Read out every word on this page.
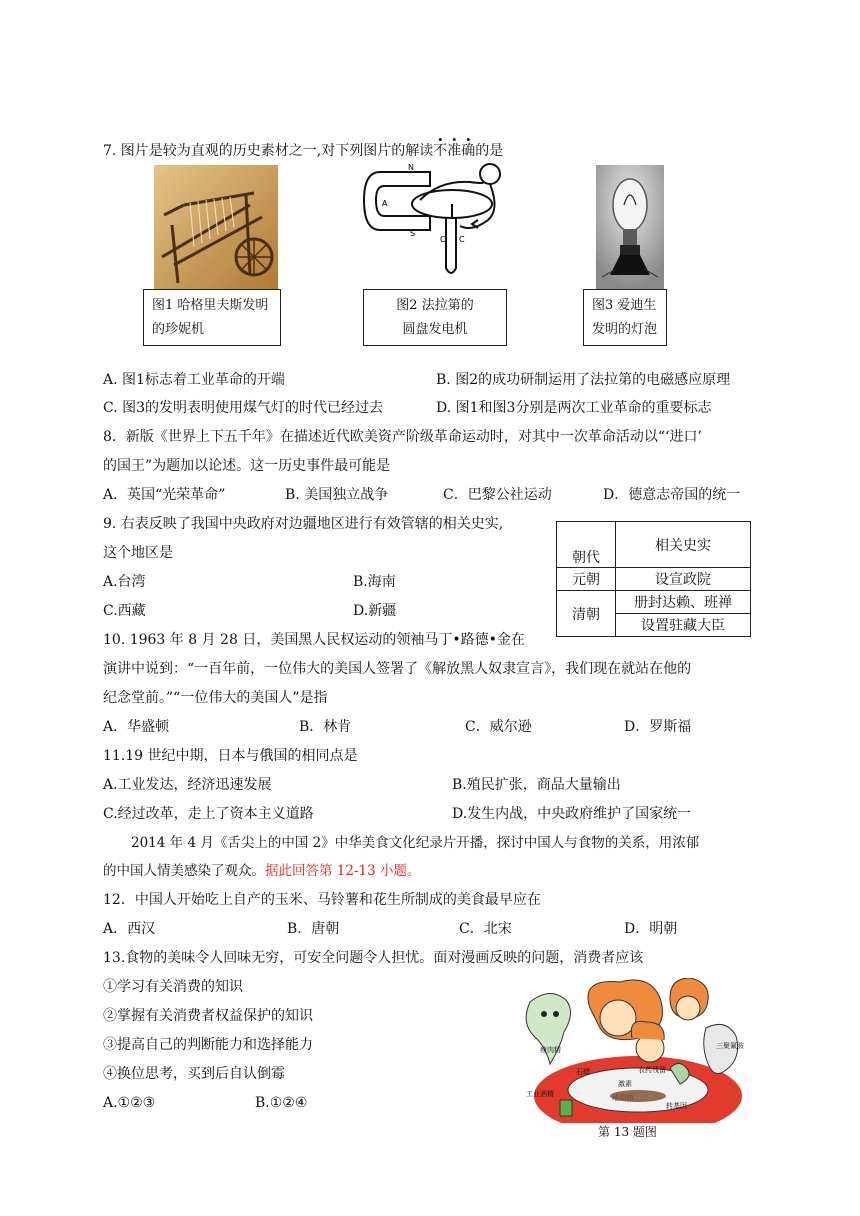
7. 图片是较为直观的历史素材之一,对下列图片的解读不准确的是
图1 哈格里夫斯发明
的珍妮机
N
S
A
C C
图2 法拉第的
圆盘发电机
图3 爱迪生
发明的灯泡
A. 图1标志着工业革命的开端	B. 图2的成功研制运用了法拉第的电磁感应原理
C. 图3的发明表明使用煤气灯的时代已经过去	D. 图1和图3分别是两次工业革命的重要标志
8．新版《世界上下五千年》在描述近代欧美资产阶级革命运动时，对其中一次革命活动以“‘进口’
的国王”为题加以论述。这一历史事件最可能是
A．英国“光荣革命”	B. 美国独立战争	C．巴黎公社运动	D．德意志帝国的统一
9. 右表反映了我国中央政府对边疆地区进行有效管辖的相关史实,
这个地区是
A.台湾	B.海南
C.西藏	D.新疆
朝代	相关史实
元朝	设宣政院
清朝	册封达赖、班禅
	设置驻藏大臣
10. 1963 年 8 月 28 日，美国黑人民权运动的领袖马丁•路德•金在
演讲中说到：“一百年前，一位伟大的美国人签署了《解放黑人奴隶宣言》，我们现在就站在他的
纪念堂前。”“一位伟大的美国人”是指
A．华盛顿	B．林肯	C．威尔逊	D．罗斯福
11.19 世纪中期，日本与俄国的相同点是
A.工业发达，经济迅速发展	B.殖民扩张，商品大量输出
C.经过改革，走上了资本主义道路	D.发生内战，中央政府维护了国家统一
2014 年 4 月《舌尖上的中国 2》中华美食文化纪录片开播，探讨中国人与食物的关系，用浓郁
的中国人情美感染了观众。据此回答第 12-13 小题。
12．中国人开始吃上自产的玉米、马铃薯和花生所制成的美食最早应在
A．西汉	B．唐朝	C．北宋	D．明朝
13.食物的美味令人回味无穷，可安全问题令人担忧。面对漫画反映的问题，消费者应该
①学习有关消费的知识
②掌握有关消费者权益保护的知识
③提高自己的判断能力和选择能力
④换位思考，买到后自认倒霉
A.①②③	B.①②④
瘦肉精 石蜡	农药残留 激素 工业酒精 转基因 三聚氰胺
第 13 题图
